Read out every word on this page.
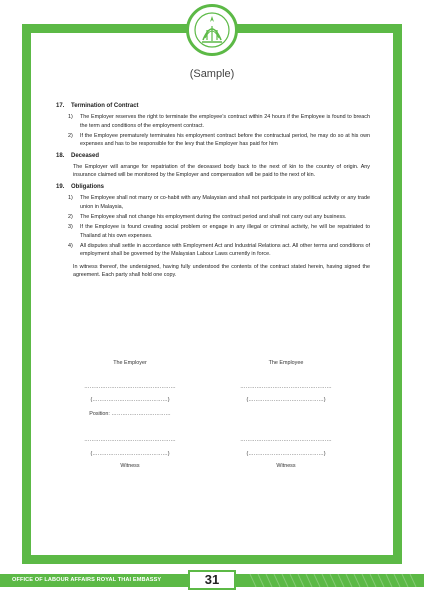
(Sample)
17.	Termination of Contract
1)	The Employer reserves the right to terminate the employee’s contract within 24 hours if the Employee is found to breach the term and conditions of the employment contract.
2)	If the Employee prematurely terminates his employment contract before the contractual period, he may do so at his own expenses and has to be responsible for the levy that the Employer has paid for him
18.	Deceased
The Employer will arrange for repatriation of the deceased body back to the next of kin to the country of origin. Any insurance claimed will be monitored by the Employer and compensation will be paid to the next of kin.
19.	Obligations
1)	The Employee shall not marry or co-habit with any Malaysian and shall not participate in any political activity or any trade union in Malaysia,
2)	The Employee shall not change his employment during the contract period and shall not carry out any business.
3)	If the Employee is found creating social problem or engage in any illegal or criminal activity, he will be repatriated to Thailand at his own expenses.
4)	All disputes shall settle in accordance with Employment Act and Industrial Relations act. All other terms and conditions of employment shall be governed by the Malaysian Labour Laws currently in force.
In witness thereof, the undersigned, having fully understood the contents of the contract stated herein, having signed the agreement. Each party shall hold one copy.
The Employer	The Employee
……………………………………………	……………………………………………
(……………………………………)	(……………………………………)
Position: ……………………………
……………………………………………	……………………………………………
(……………………………………)	(……………………………………)
Witness	Witness
OFFICE OF LABOUR AFFAIRS ROYAL THAI EMBASSY	31
